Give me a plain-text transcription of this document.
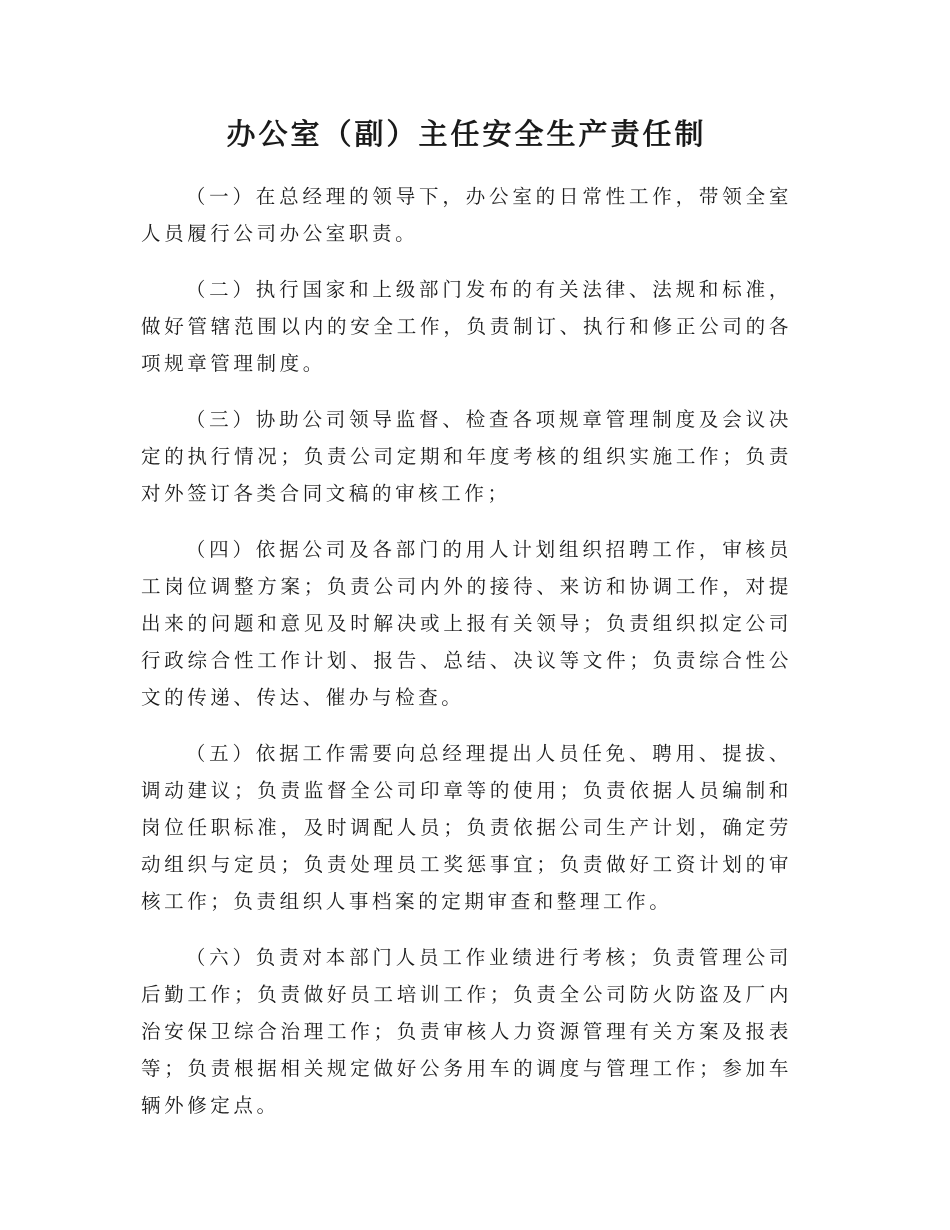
办公室（副）主任安全生产责任制

（一）在总经理的领导下，办公室的日常性工作，带领全室人员履行公司办公室职责。

（二）执行国家和上级部门发布的有关法律、法规和标准，做好管辖范围以内的安全工作，负责制订、执行和修正公司的各项规章管理制度。

（三）协助公司领导监督、检查各项规章管理制度及会议决定的执行情况；负责公司定期和年度考核的组织实施工作；负责对外签订各类合同文稿的审核工作；

（四）依据公司及各部门的用人计划组织招聘工作，审核员工岗位调整方案；负责公司内外的接待、来访和协调工作，对提出来的问题和意见及时解决或上报有关领导；负责组织拟定公司行政综合性工作计划、报告、总结、决议等文件；负责综合性公文的传递、传达、催办与检查。

（五）依据工作需要向总经理提出人员任免、聘用、提拔、调动建议；负责监督全公司印章等的使用；负责依据人员编制和岗位任职标准，及时调配人员；负责依据公司生产计划，确定劳动组织与定员；负责处理员工奖惩事宜；负责做好工资计划的审核工作；负责组织人事档案的定期审查和整理工作。

（六）负责对本部门人员工作业绩进行考核；负责管理公司后勤工作；负责做好员工培训工作；负责全公司防火防盗及厂内治安保卫综合治理工作；负责审核人力资源管理有关方案及报表等；负责根据相关规定做好公务用车的调度与管理工作；参加车辆外修定点。
